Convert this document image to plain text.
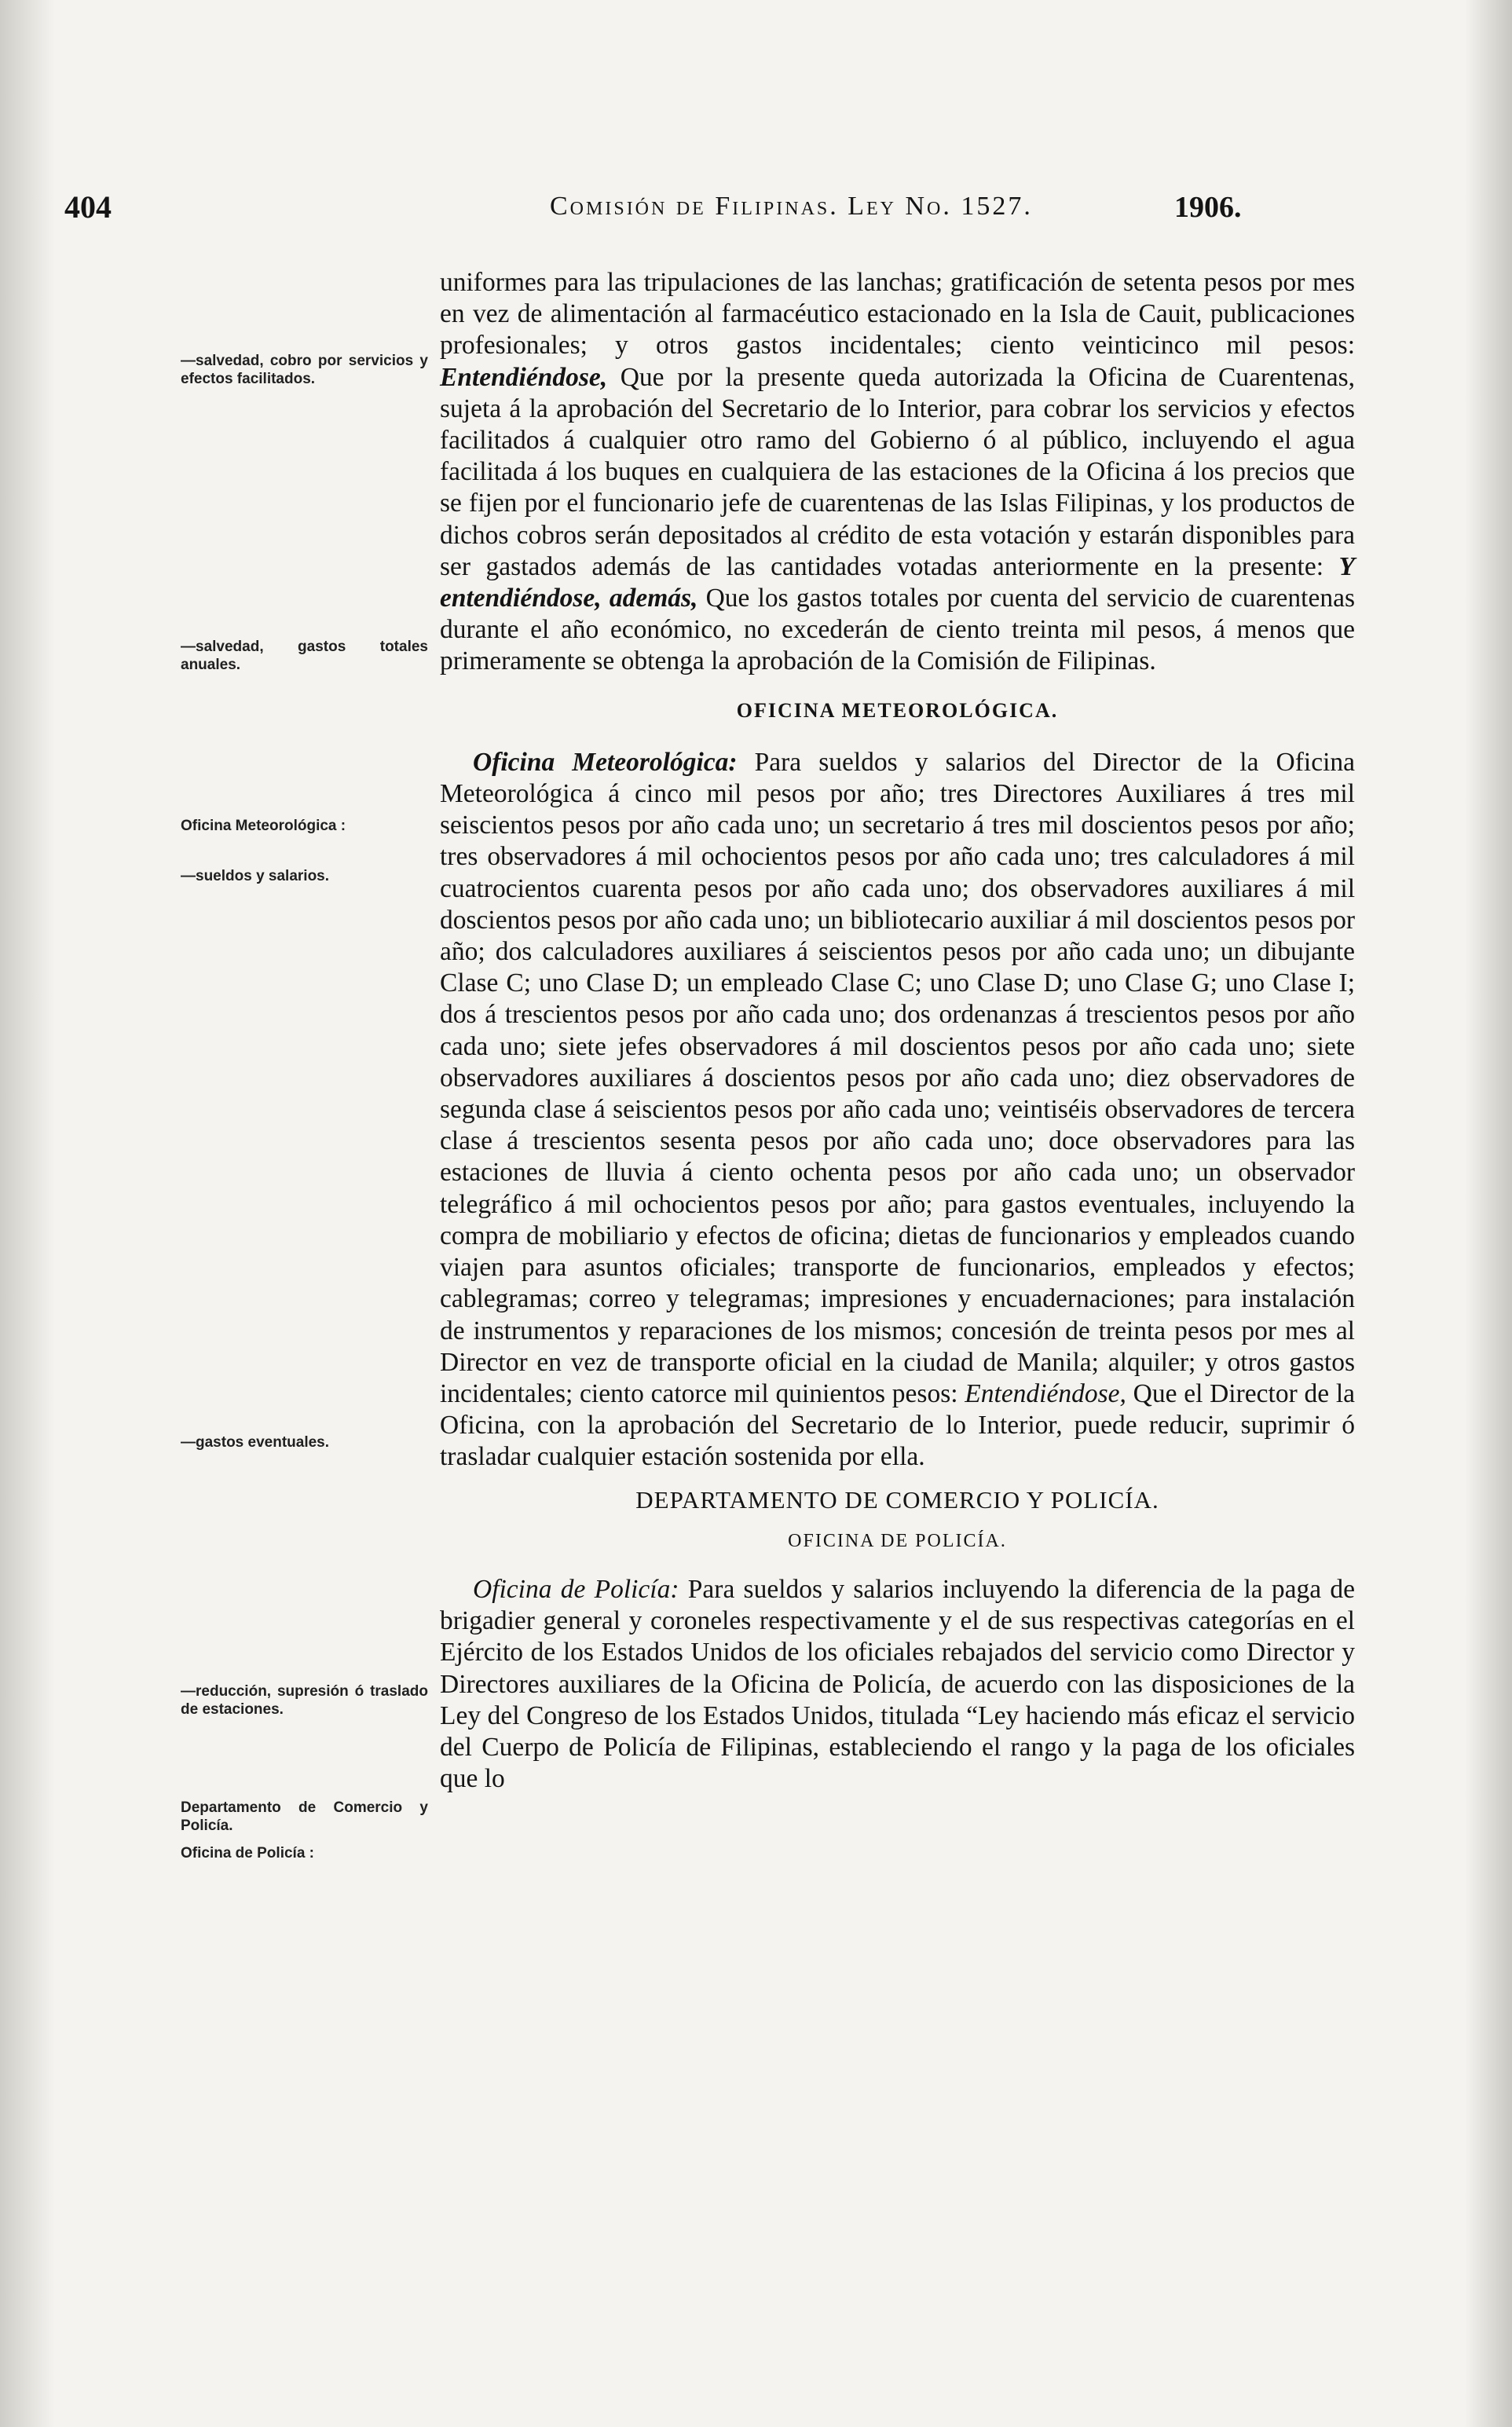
404	Comisión de Filipinas. Ley No. 1527.	1906.
—salvedad, cobro por servicios y efectos facilitados.
—salvedad, gastos totales anuales.
Oficina Meteorológica :
—sueldos y salarios.
—gastos eventuales.
—reducción, supresión ó traslado de estaciones.
Departamento de Comercio y Policía.
Oficina de Policía :

uniformes para las tripulaciones de las lanchas; gratificación de setenta pesos por mes en vez de alimentación al farmacéutico estacionado en la Isla de Cauit, publicaciones profesionales; y otros gastos incidentales; ciento veinticinco mil pesos: Entendiéndose, Que por la presente queda autorizada la Oficina de Cuarentenas, sujeta á la aprobación del Secretario de lo Interior, para cobrar los servicios y efectos facilitados á cualquier otro ramo del Gobierno ó al público, incluyendo el agua facilitada á los buques en cualquiera de las estaciones de la Oficina á los precios que se fijen por el funcionario jefe de cuarentenas de las Islas Filipinas, y los productos de dichos cobros serán depositados al crédito de esta votación y estarán disponibles para ser gastados además de las cantidades votadas anteriormente en la presente: Y entendiéndose, además, Que los gastos totales por cuenta del servicio de cuarentenas durante el año económico, no excederán de ciento treinta mil pesos, á menos que primeramente se obtenga la aprobación de la Comisión de Filipinas.

OFICINA METEOROLÓGICA.

Oficina Meteorológica: Para sueldos y salarios del Director de la Oficina Meteorológica á cinco mil pesos por año; tres Directores Auxiliares á tres mil seiscientos pesos por año cada uno; un secretario á tres mil doscientos pesos por año; tres observadores á mil ochocientos pesos por año cada uno; tres calculadores á mil cuatrocientos cuarenta pesos por año cada uno; dos observadores auxiliares á mil doscientos pesos por año cada uno; un bibliotecario auxiliar á mil doscientos pesos por año; dos calculadores auxiliares á seiscientos pesos por año cada uno; un dibujante Clase C; uno Clase D; un empleado Clase C; uno Clase D; uno Clase G; uno Clase I; dos á trescientos pesos por año cada uno; dos ordenanzas á trescientos pesos por año cada uno; siete jefes observadores á mil doscientos pesos por año cada uno; siete observadores auxiliares á doscientos pesos por año cada uno; diez observadores de segunda clase á seiscientos pesos por año cada uno; veintiséis observadores de tercera clase á trescientos sesenta pesos por año cada uno; doce observadores para las estaciones de lluvia á ciento ochenta pesos por año cada uno; un observador telegráfico á mil ochocientos pesos por año; para gastos eventuales, incluyendo la compra de mobiliario y efectos de oficina; dietas de funcionarios y empleados cuando viajen para asuntos oficiales; transporte de funcionarios, empleados y efectos; cablegramas; correo y telegramas; impresiones y encuadernaciones; para instalación de instrumentos y reparaciones de los mismos; concesión de treinta pesos por mes al Director en vez de transporte oficial en la ciudad de Manila; alquiler; y otros gastos incidentales; ciento catorce mil quinientos pesos: Entendiéndose, Que el Director de la Oficina, con la aprobación del Secretario de lo Interior, puede reducir, suprimir ó trasladar cualquier estación sostenida por ella.

DEPARTAMENTO DE COMERCIO Y POLICÍA.
OFICINA DE POLICÍA.

Oficina de Policía: Para sueldos y salarios incluyendo la diferencia de la paga de brigadier general y coroneles respectivamente y el de sus respectivas categorías en el Ejército de los Estados Unidos de los oficiales rebajados del servicio como Director y Directores auxiliares de la Oficina de Policía, de acuerdo con las disposiciones de la Ley del Congreso de los Estados Unidos, titulada “Ley haciendo más eficaz el servicio del Cuerpo de Policía de Filipinas, estableciendo el rango y la paga de los oficiales que lo
